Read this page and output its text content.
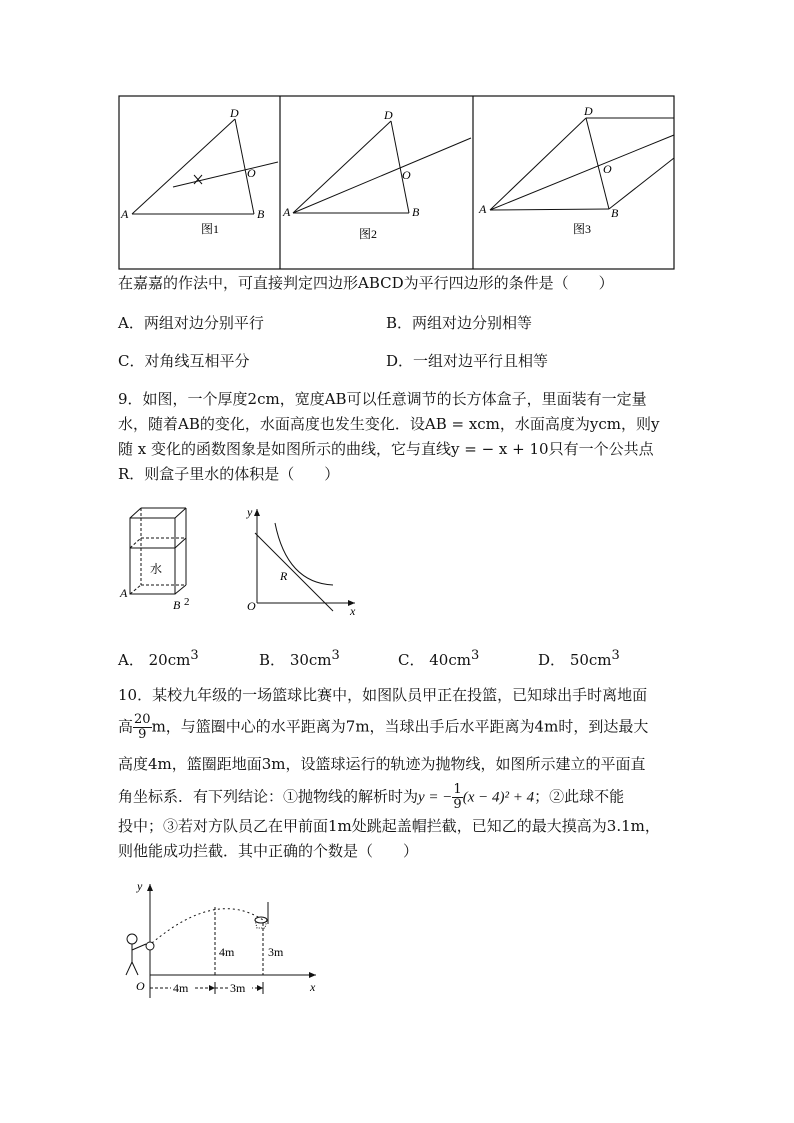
A	B
D
O
图1
A	B
D
O
图2
A	B
D
O
图3
在嘉嘉的作法中，可直接判定四边形ABCD为平行四边形的条件是（　　）
A．两组对边分别平行	B．两组对边分别相等
C．对角线互相平分	D．一组对边平行且相等
9．如图，一个厚度2cm，宽度AB可以任意调节的长方体盒子，里面装有一定量
水，随着AB的变化，水面高度也发生变化．设AB = xcm，水面高度为ycm，则y
随 x 变化的函数图象是如图所示的曲线，它与直线y = − x + 10只有一个公共点
R．则盒子里水的体积是（　　）
水
A
B 2
y
x
O
R
A． $20cm^3$	B． $30cm^3$	C． $40cm^3$	D． $50cm^3$
10．某校九年级的一场篮球比赛中，如图队员甲正在投篮，已知球出手时离地面
高 $\frac{20}{9}$ m，与篮圈中心的水平距离为7m，当球出手后水平距离为4m时，到达最大
高度4m，篮圈距地面3m，设篮球运行的轨迹为抛物线，如图所示建立的平面直
角坐标系．有下列结论：①抛物线的解析时为y = − $\frac{1}{9} (x - 4)^2 + 4$；②此球不能
投中；③若对方队员乙在甲前面1m处跳起盖帽拦截，已知乙的最大摸高为3.1m，
则他能成功拦截．其中正确的个数是（　　）
4m	3m
4m	3m
y
x
O
